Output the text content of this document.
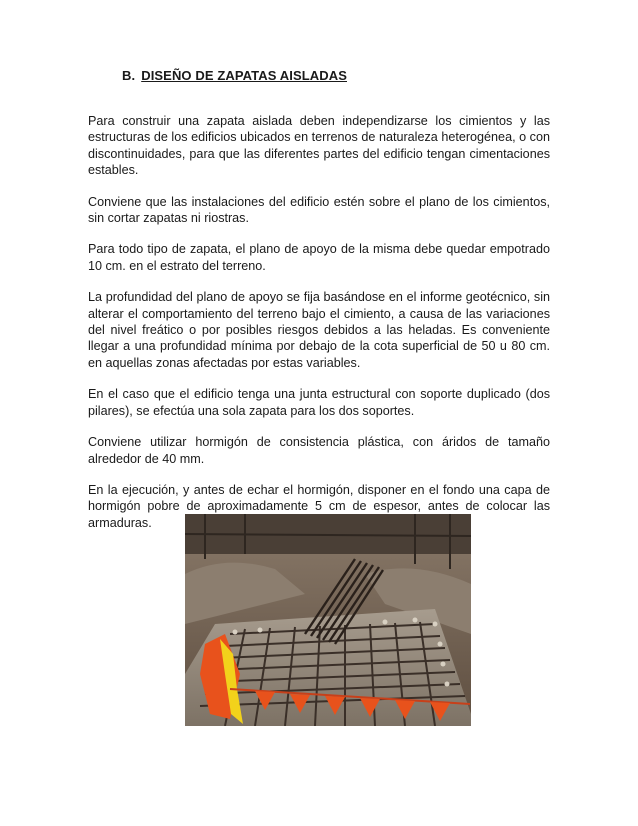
B. DISEÑO DE ZAPATAS AISLADAS

Para construir una zapata aislada deben independizarse los cimientos y las estructuras de los edificios ubicados en terrenos de naturaleza heterogénea, o con discontinuidades, para que las diferentes partes del edificio tengan cimentaciones estables.

Conviene que las instalaciones del edificio estén sobre el plano de los cimientos, sin cortar zapatas ni riostras.

Para todo tipo de zapata, el plano de apoyo de la misma debe quedar empotrado 10 cm. en el estrato del terreno.

La profundidad del plano de apoyo se fija basándose en el informe geotécnico, sin alterar el comportamiento del terreno bajo el cimiento, a causa de las variaciones del nivel freático o por posibles riesgos debidos a las heladas. Es conveniente llegar a una profundidad mínima por debajo de la cota superficial de 50 u 80 cm. en aquellas zonas afectadas por estas variables.

En el caso que el edificio tenga una junta estructural con soporte duplicado (dos pilares), se efectúa una sola zapata para los dos soportes.

Conviene utilizar hormigón de consistencia plástica, con áridos de tamaño alrededor de 40 mm.

En la ejecución, y antes de echar el hormigón, disponer en el fondo una capa de hormigón pobre de aproximadamente 5 cm de espesor, antes de colocar las armaduras.
